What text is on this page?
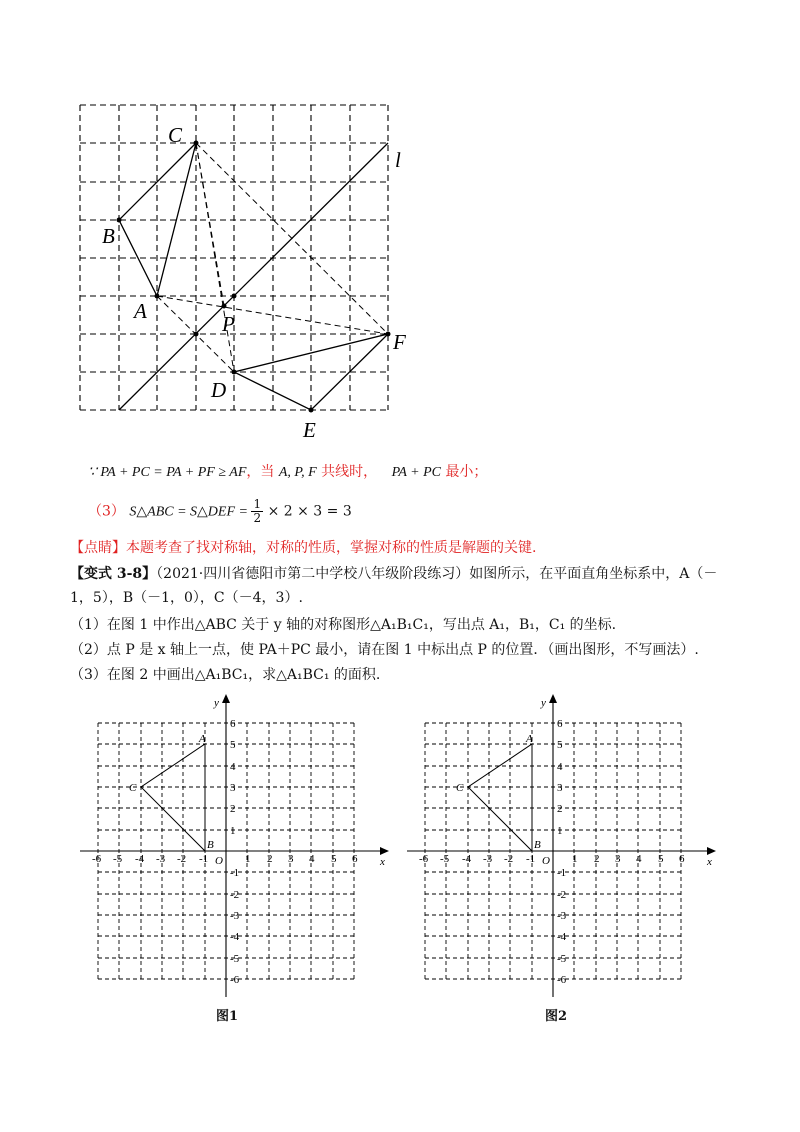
C
B
A
P
F
D
E
l
∵ PA + PC = PA + PF ≥ AF，当 A, P, F 共线时， PA + PC 最小；
（3） S△ABC = S△DEF = $\frac{1}{2} \times 2 \times 3 = 3$
【点睛】本题考查了找对称轴，对称的性质，掌握对称的性质是解题的关键.
【变式 3-8】（2021·四川省德阳市第二中学校八年级阶段练习）如图所示，在平面直角坐标系中，A（－
1，5），B（－1，0），C（－4，3）.
（1）在图 1 中作出△ABC 关于 y 轴的对称图形△A₁B₁C₁，写出点 A₁，B₁，C₁ 的坐标.
（2）点 P 是 x 轴上一点，使 PA＋PC 最小，请在图 1 中标出点 P 的位置．（画出图形，不写画法）.
（3）在图 2 中画出△A₁BC₁，求△A₁BC₁ 的面积.
x
y
O
A
B
C
-6 -5 -4 -3 -2 -1	1 2 3 4 5 6
6
5
4
3
2
1
-1
-2
-3
-4
-5
-6
图1
x
y
O
A
B
C
-6 -5 -4 -3 -2 -1	1 2 3 4 5 6
6
5
4
3
2
1
-1
-2
-3
-4
-5
-6
图2
